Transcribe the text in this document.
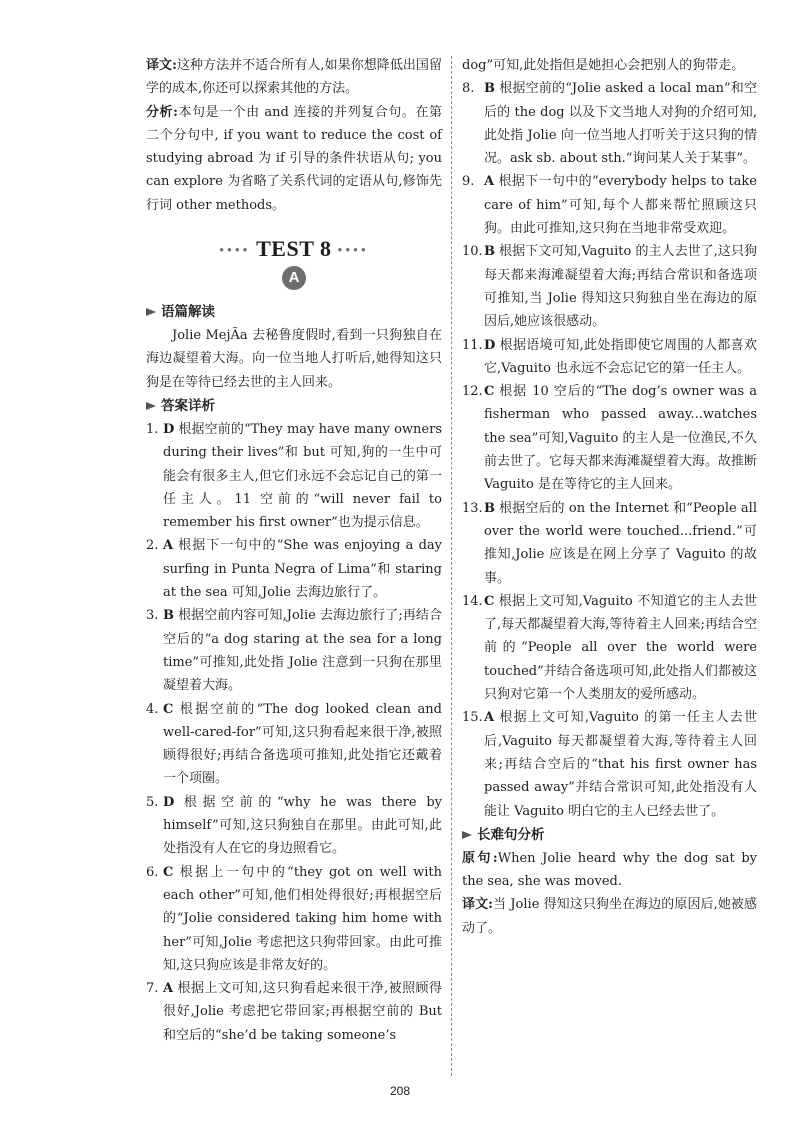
译文:这种方法并不适合所有人,如果你想降低出国留学的成本,你还可以探索其他的方法。

分析:本句是一个由 and 连接的并列复合句。在第二个分句中, if you want to reduce the cost of studying abroad 为 if 引导的条件状语从句; you can explore 为省略了关系代词的定语从句,修饰先行词 other methods。

●●●● TEST 8 ●●●●
A
语篇解读

Jolie MejÃa 去秘鲁度假时,看到一只狗独自在海边凝望着大海。向一位当地人打听后,她得知这只狗是在等待已经去世的主人回来。

答案详析
1. D 根据空前的“They may have many owners during their lives”和 but 可知,狗的一生中可能会有很多主人,但它们永远不会忘记自己的第一任主人。11 空前的“will never fail to remember his first owner”也为提示信息。
2. A 根据下一句中的“She was enjoying a day surfing in Punta Negra of Lima”和 staring at the sea 可知,Jolie 去海边旅行了。
3. B 根据空前内容可知,Jolie 去海边旅行了;再结合空后的“a dog staring at the sea for a long time”可推知,此处指 Jolie 注意到一只狗在那里凝望着大海。
4. C 根据空前的“The dog looked clean and well-cared-for”可知,这只狗看起来很干净,被照顾得很好;再结合备选项可推知,此处指它还戴着一个项圈。
5. D 根据空前的“why he was there by himself”可知,这只狗独自在那里。由此可知,此处指没有人在它的身边照看它。
6. C 根据上一句中的“they got on well with each other”可知,他们相处得很好;再根据空后的“Jolie considered taking him home with her”可知,Jolie 考虑把这只狗带回家。由此可推知,这只狗应该是非常友好的。
7. A 根据上文可知,这只狗看起来很干净,被照顾得很好,Jolie 考虑把它带回家;再根据空前的 But 和空后的“she’d be taking someone’s

dog”可知,此处指但是她担心会把别人的狗带走。

8. B 根据空前的“Jolie asked a local man”和空后的 the dog 以及下文当地人对狗的介绍可知,此处指 Jolie 向一位当地人打听关于这只狗的情况。ask sb. about sth.“询问某人关于某事”。
9. A 根据下一句中的“everybody helps to take care of him”可知,每个人都来帮忙照顾这只狗。由此可推知,这只狗在当地非常受欢迎。
10. B 根据下文可知,Vaguito 的主人去世了,这只狗每天都来海滩凝望着大海;再结合常识和备选项可推知,当 Jolie 得知这只狗独自坐在海边的原因后,她应该很感动。
11. D 根据语境可知,此处指即使它周围的人都喜欢它,Vaguito 也永远不会忘记它的第一任主人。
12. C 根据 10 空后的“The dog’s owner was a fisherman who passed away...watches the sea”可知,Vaguito 的主人是一位渔民,不久前去世了。它每天都来海滩凝望着大海。故推断 Vaguito 是在等待它的主人回来。
13. B 根据空后的 on the Internet 和“People all over the world were touched...friend.”可推知,Jolie 应该是在网上分享了 Vaguito 的故事。
14. C 根据上文可知,Vaguito 不知道它的主人去世了,每天都凝望着大海,等待着主人回来;再结合空前的“People all over the world were touched”并结合备选项可知,此处指人们都被这只狗对它第一个人类朋友的爱所感动。
15. A 根据上文可知,Vaguito 的第一任主人去世后,Vaguito 每天都凝望着大海,等待着主人回来;再结合空后的“that his first owner has passed away”并结合常识可知,此处指没有人能让 Vaguito 明白它的主人已经去世了。
长难句分析

原句:When Jolie heard why the dog sat by the sea, she was moved.

译文:当 Jolie 得知这只狗坐在海边的原因后,她被感动了。

208
